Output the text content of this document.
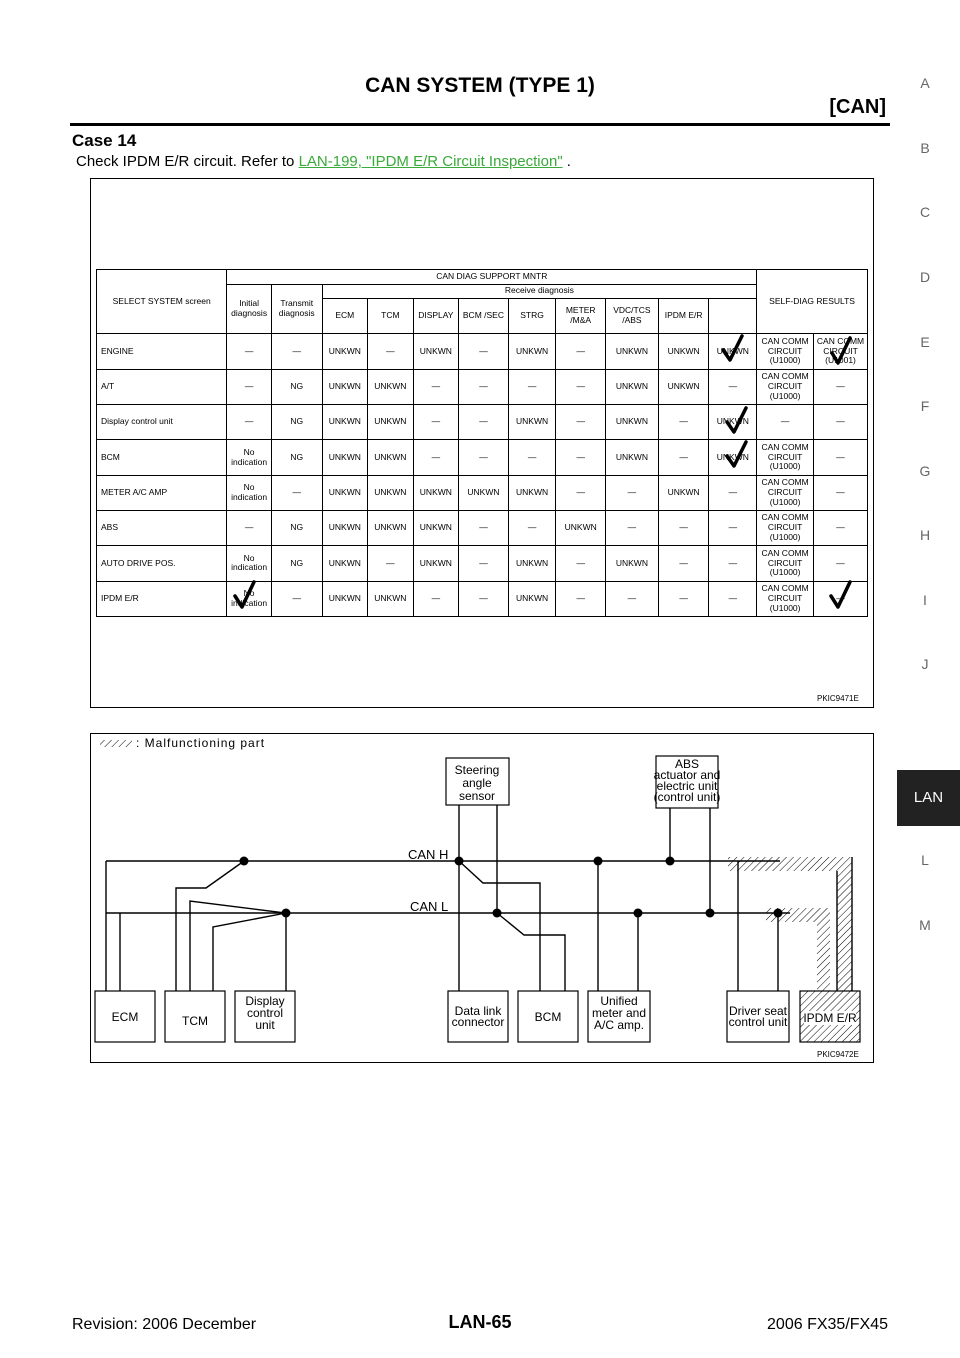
CAN SYSTEM (TYPE 1)
[CAN]
Case 14
Check IPDM E/R circuit. Refer to LAN-199, "IPDM E/R Circuit Inspection" .
SELECT SYSTEM screen	CAN DIAG SUPPORT MNTR											SELF-DIAG RESULTS	
	Initial diagnosis	Transmit diagnosis	Receive diagnosis										
			ECM	TCM	DISPLAY	BCM /SEC	STRG	METER /M&A	VDC/TCS /ABS	IPDM E/R			
ENGINE	—	—	UNKWN	—	UNKWN	—	UNKWN	—	UNKWN	UNKWN	UNKWN	CAN COMM CIRCUIT (U1000)	CAN COMM CIRCUIT (U1001)
A/T	—	NG	UNKWN	UNKWN	—	—	—	—	UNKWN	UNKWN	—	CAN COMM CIRCUIT (U1000)	—
Display control unit	—	NG	UNKWN	UNKWN	—	—	UNKWN	—	UNKWN	—	UNKWN	—	—
BCM	No indication	NG	UNKWN	UNKWN	—	—	—	—	UNKWN	—	UNKWN	CAN COMM CIRCUIT (U1000)	—
METER A/C AMP	No indication	—	UNKWN	UNKWN	UNKWN	UNKWN	UNKWN	—	—	UNKWN	—	CAN COMM CIRCUIT (U1000)	—
ABS	—	NG	UNKWN	UNKWN	UNKWN	—	—	UNKWN	—	—	—	CAN COMM CIRCUIT (U1000)	—
AUTO DRIVE POS.	No indication	NG	UNKWN	—	UNKWN	—	UNKWN	—	UNKWN	—	—	CAN COMM CIRCUIT (U1000)	—
IPDM E/R	No indication	—	UNKWN	UNKWN	—	—	UNKWN	—	—	—	—	CAN COMM CIRCUIT (U1000)	—
PKIC9471E
: Malfunctioning part
CAN H
CAN L
Steering angle sensor
ABS actuator and electric unit (control unit)
ECM	TCM
Display control unit
Data link connector	BCM
Unified meter and A/C amp.
Driver seat control unit IPDM E/R
PKIC9472E
A
B
C
D
E
F
G
H
I
J
L
M
LAN
Revision: 2006 December	LAN-65	2006 FX35/FX45
